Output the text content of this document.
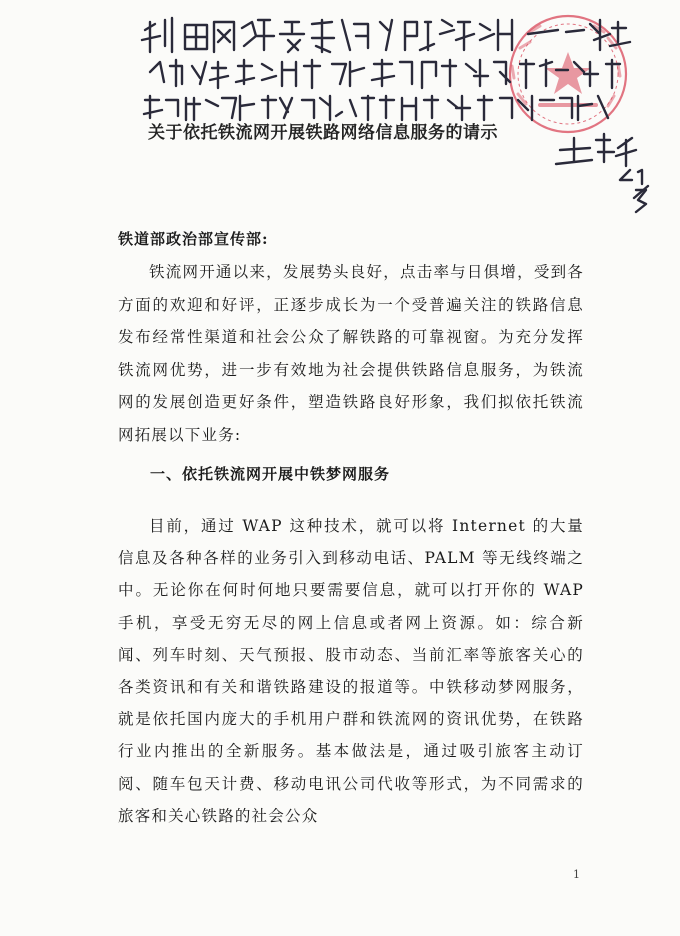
关于依托铁流网开展铁路网络信息服务的请示
铁道部政治部宣传部:

铁流网开通以来，发展势头良好，点击率与日俱增，受到各方面的欢迎和好评，正逐步成长为一个受普遍关注的铁路信息发布经常性渠道和社会公众了解铁路的可靠视窗。为充分发挥铁流网优势，进一步有效地为社会提供铁路信息服务，为铁流网的发展创造更好条件，塑造铁路良好形象，我们拟依托铁流网拓展以下业务:

一、依托铁流网开展中铁梦网服务

目前，通过 WAP 这种技术，就可以将 Internet 的大量信息及各种各样的业务引入到移动电话、PALM 等无线终端之中。无论你在何时何地只要需要信息，就可以打开你的 WAP 手机，享受无穷无尽的网上信息或者网上资源。如：综合新闻、列车时刻、天气预报、股市动态、当前汇率等旅客关心的各类资讯和有关和谐铁路建设的报道等。中铁移动梦网服务，就是依托国内庞大的手机用户群和铁流网的资讯优势，在铁路行业内推出的全新服务。基本做法是，通过吸引旅客主动订阅、随车包天计费、移动电讯公司代收等形式，为不同需求的旅客和关心铁路的社会公众

1
